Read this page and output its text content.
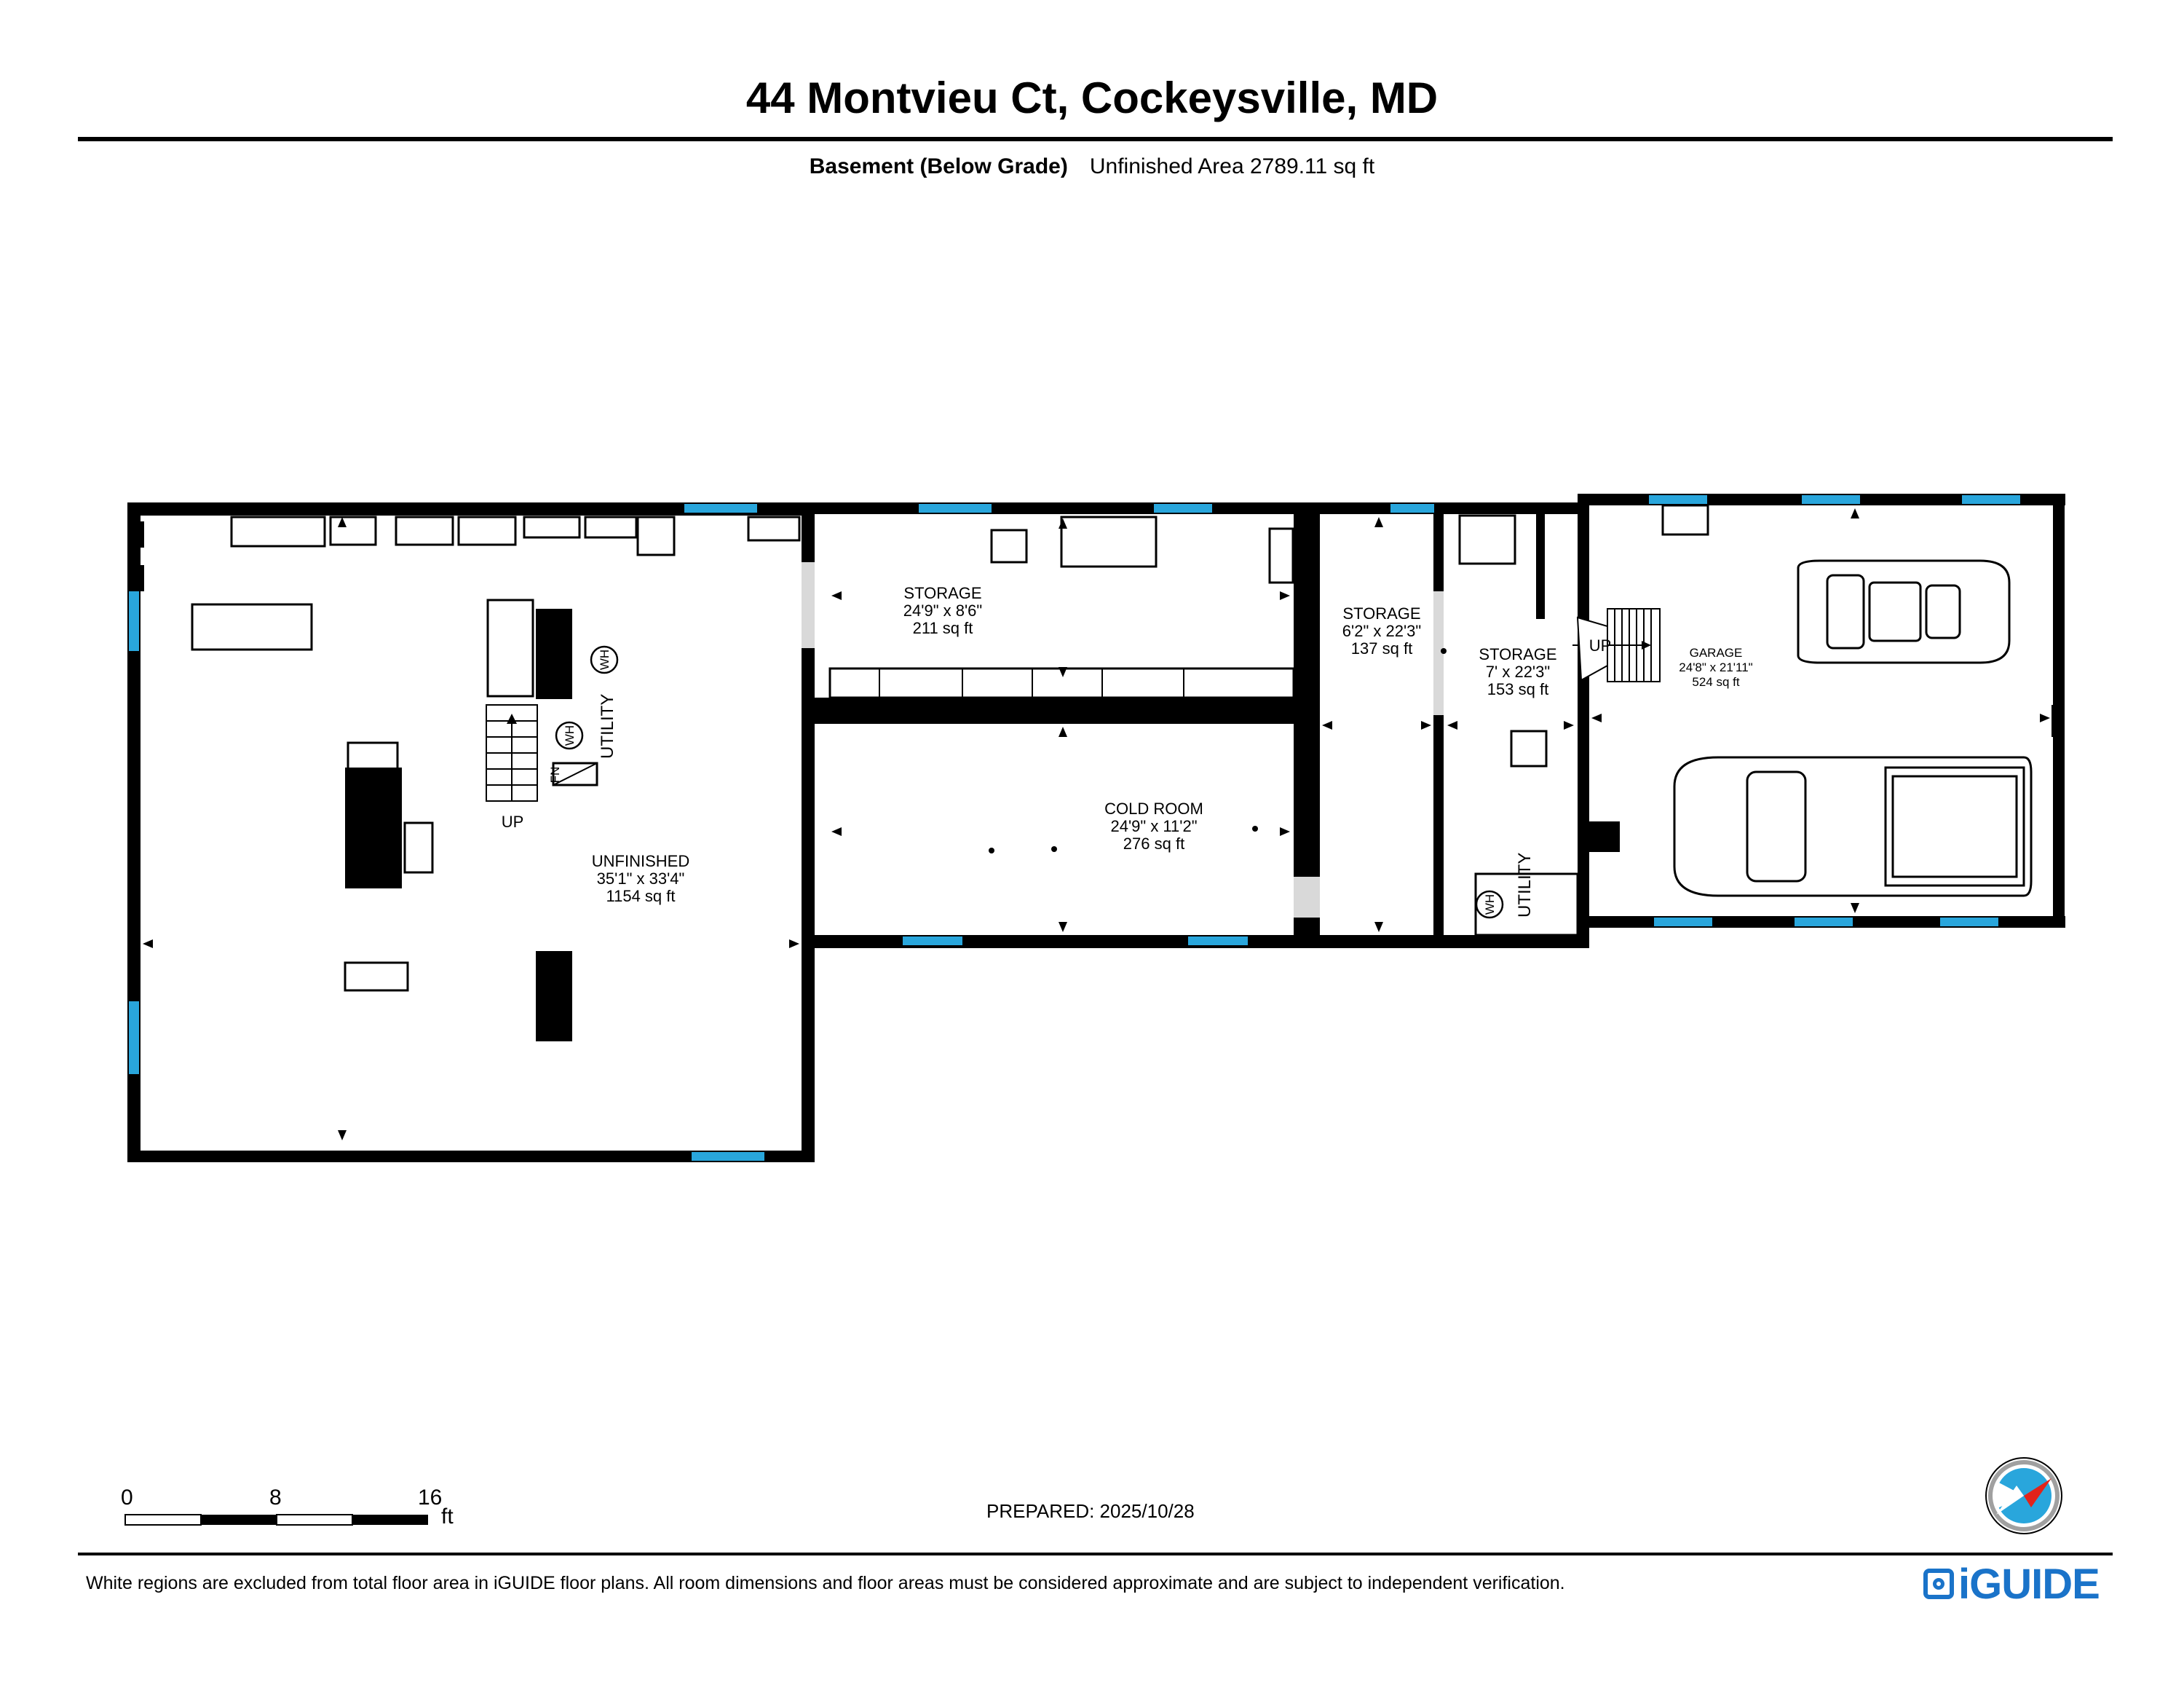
44 Montvieu Ct, Cockeysville, MD
Basement (Below Grade) Unfinished Area 2789.11 sq ft
UNFINISHED
35'1" x 33'4"
1154 sq ft
STORAGE
24'9" x 8'6"
211 sq ft
COLD ROOM
24'9" x 11'2"
276 sq ft
STORAGE
6'2" x 22'3"
137 sq ft	STORAGE
7' x 22'3"
153 sq ft
GARAGE
24'8" x 21'11"
524 sq ft
UTILITY
UTILITY
UP
UP
WH
WH
WH
FN
0	8	16
ft	PREPARED: 2025/10/28
White regions are excluded from total floor area in iGUIDE floor plans. All room dimensions and floor areas must be considered approximate and are subject to independent verification.	iGUIDE
